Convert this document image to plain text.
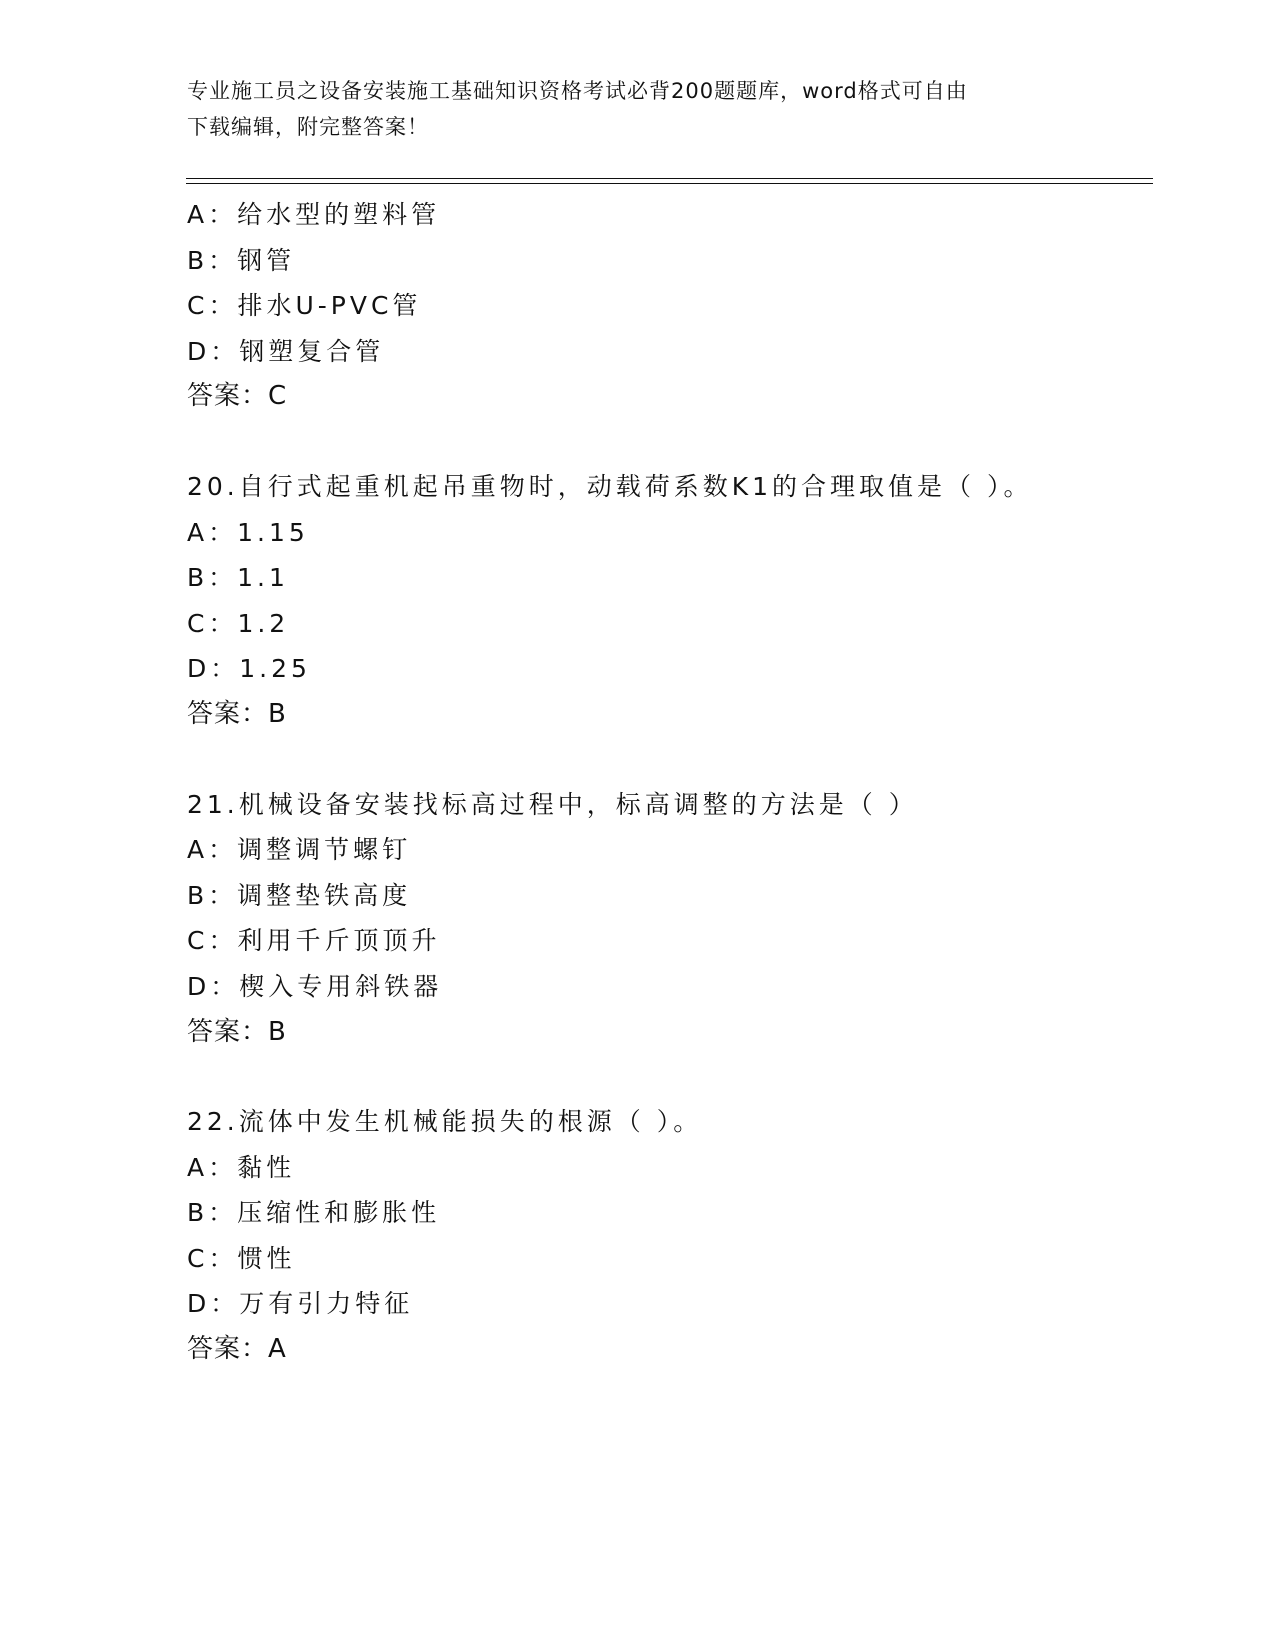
专业施工员之设备安装施工基础知识资格考试必背200题题库，word格式可自由
下载编辑，附完整答案！
A：给水型的塑料管
B：钢管
C：排水U-PVC管
D：钢塑复合管
答案：C
20.自行式起重机起吊重物时，动载荷系数K1的合理取值是（ ）。
A：1.15
B：1.1
C：1.2
D：1.25
答案：B
21.机械设备安装找标高过程中，标高调整的方法是（ ）
A：调整调节螺钉
B：调整垫铁高度
C：利用千斤顶顶升
D：楔入专用斜铁器
答案：B
22.流体中发生机械能损失的根源（ ）。
A：黏性
B：压缩性和膨胀性
C：惯性
D：万有引力特征
答案：A
